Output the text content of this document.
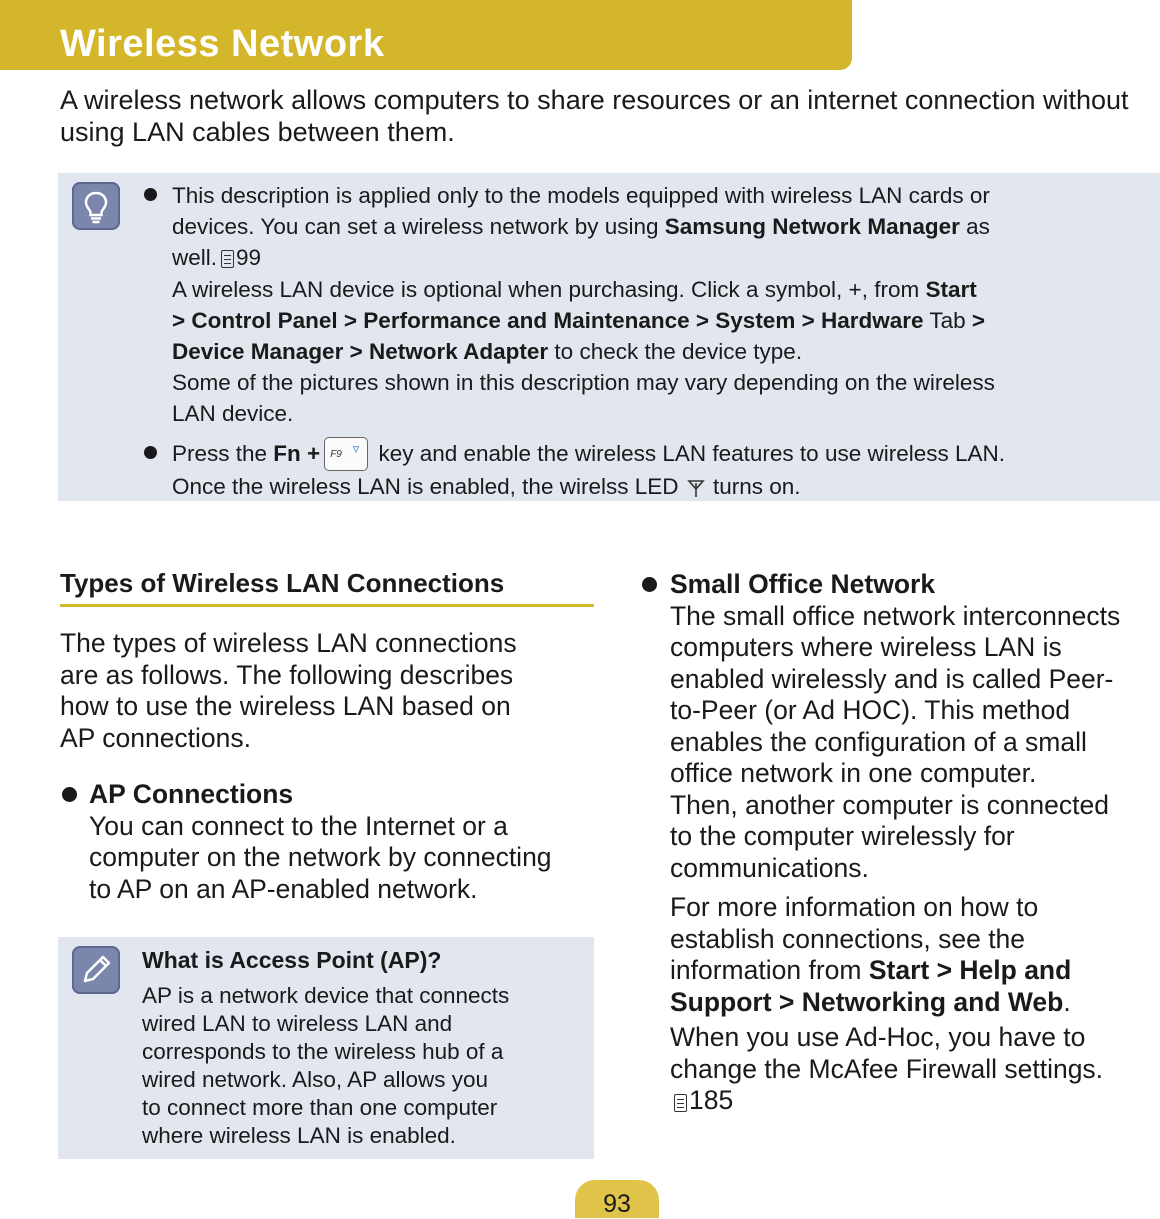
Wireless Network
A wireless network allows computers to share resources or an internet connection without using LAN cables between them.
This description is applied only to the models equipped with wireless LAN cards or
devices. You can set a wireless network by using Samsung Network Manager as
well. 99
A wireless LAN device is optional when purchasing. Click a symbol, +, from Start
> Control Panel > Performance and Maintenance > System > Hardware Tab >
Device Manager > Network Adapter to check the device type.
Some of the pictures shown in this description may vary depending on the wireless
LAN device.
Press the Fn + F9 ▿ key and enable the wireless LAN features to use wireless LAN.
Once the wireless LAN is enabled, the wirelss LED  turns on.
Types of Wireless LAN Connections
The types of wireless LAN connections
are as follows. The following describes
how to use the wireless LAN based on
AP connections.
AP Connections
You can connect to the Internet or a
computer on the network by connecting
to AP on an AP-enabled network.
What is Access Point (AP)?
AP is a network device that connects
wired LAN to wireless LAN and
corresponds to the wireless hub of a
wired network. Also, AP allows you
to connect more than one computer
where wireless LAN is enabled.
Small Office Network
The small office network interconnects
computers where wireless LAN is
enabled wirelessly and is called Peer-
to-Peer (or Ad HOC). This method
enables the configuration of a small
office network in one computer.
Then, another computer is connected
to the computer wirelessly for
communications.
For more information on how to
establish connections, see the
information from Start > Help and
Support > Networking and Web.
When you use Ad-Hoc, you have to
change the McAfee Firewall settings.
185
93
